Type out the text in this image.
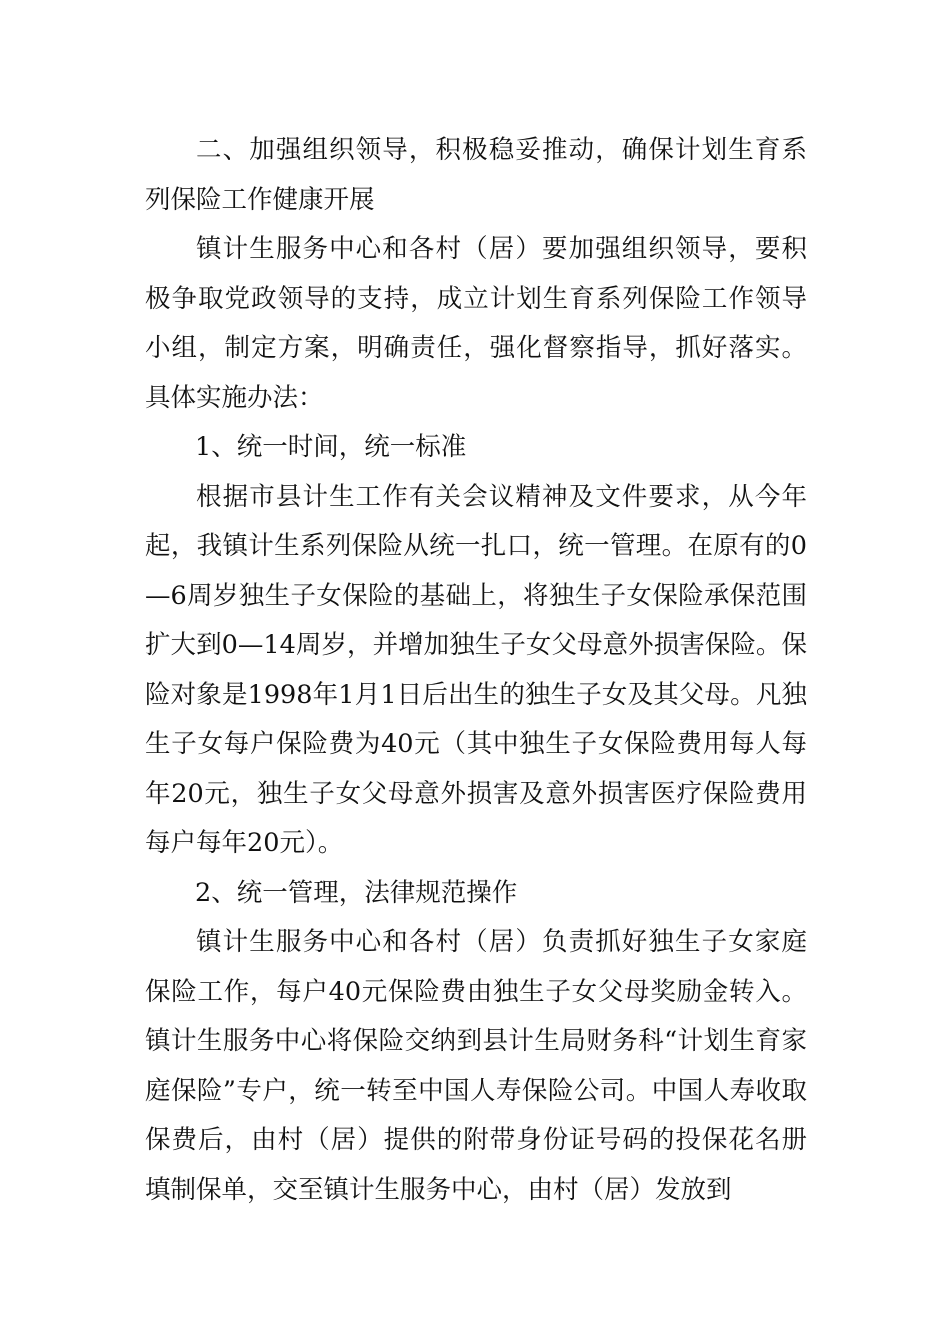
二、加强组织领导，积极稳妥推动，确保计划生育系列保险工作健康开展

镇计生服务中心和各村（居）要加强组织领导，要积极争取党政领导的支持，成立计划生育系列保险工作领导小组，制定方案，明确责任，强化督察指导，抓好落实。具体实施办法：

1、统一时间，统一标准

根据市县计生工作有关会议精神及文件要求，从今年起，我镇计生系列保险从统一扎口，统一管理。在原有的0—6周岁独生子女保险的基础上，将独生子女保险承保范围扩大到0—14周岁，并增加独生子女父母意外损害保险。保险对象是1998年1月1日后出生的独生子女及其父母。凡独生子女每户保险费为40元（其中独生子女保险费用每人每年20元，独生子女父母意外损害及意外损害医疗保险费用每户每年20元）。

2、统一管理，法律规范操作

镇计生服务中心和各村（居）负责抓好独生子女家庭保险工作，每户40元保险费由独生子女父母奖励金转入。镇计生服务中心将保险交纳到县计生局财务科“计划生育家庭保险”专户，统一转至中国人寿保险公司。中国人寿收取保费后，由村（居）提供的附带身份证号码的投保花名册填制保单，交至镇计生服务中心，由村（居）发放到
